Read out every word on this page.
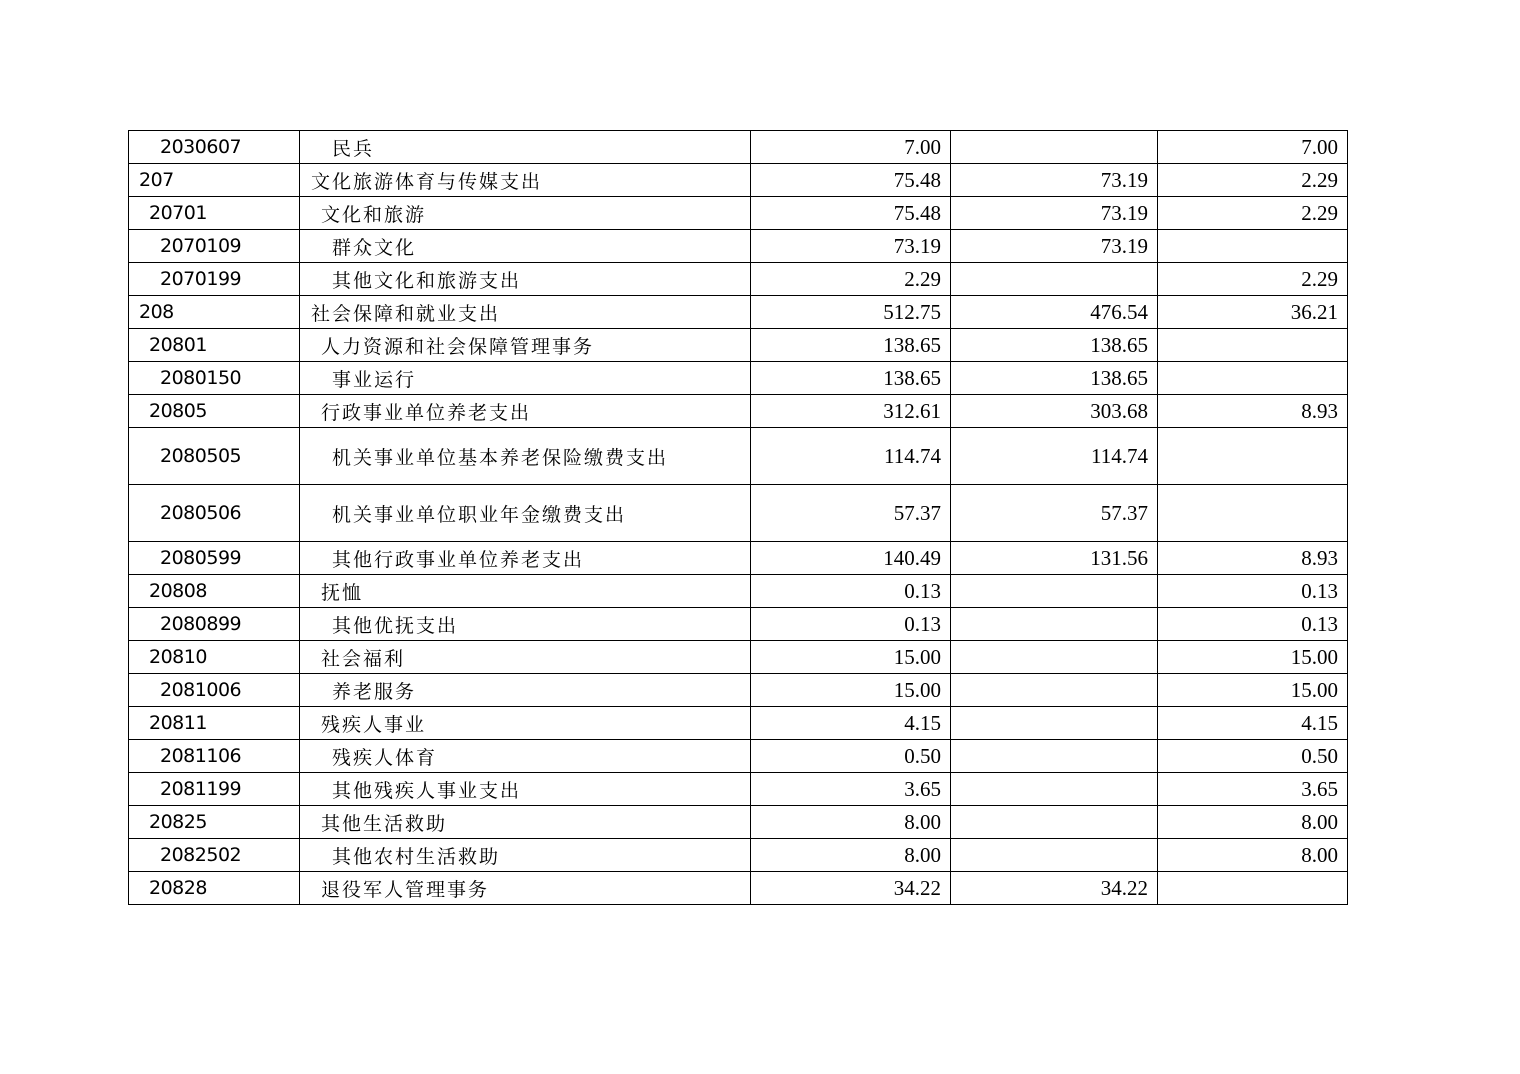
2030607	民兵	7.00		7.00
207	文化旅游体育与传媒支出	75.48	73.19	2.29
20701	文化和旅游	75.48	73.19	2.29
2070109	群众文化	73.19	73.19	
2070199	其他文化和旅游支出	2.29		2.29
208	社会保障和就业支出	512.75	476.54	36.21
20801	人力资源和社会保障管理事务	138.65	138.65	
2080150	事业运行	138.65	138.65	
20805	行政事业单位养老支出	312.61	303.68	8.93
2080505	机关事业单位基本养老保险缴费支出	114.74	114.74	
2080506	机关事业单位职业年金缴费支出	57.37	57.37	
2080599	其他行政事业单位养老支出	140.49	131.56	8.93
20808	抚恤	0.13		0.13
2080899	其他优抚支出	0.13		0.13
20810	社会福利	15.00		15.00
2081006	养老服务	15.00		15.00
20811	残疾人事业	4.15		4.15
2081106	残疾人体育	0.50		0.50
2081199	其他残疾人事业支出	3.65		3.65
20825	其他生活救助	8.00		8.00
2082502	其他农村生活救助	8.00		8.00
20828	退役军人管理事务	34.22	34.22	
